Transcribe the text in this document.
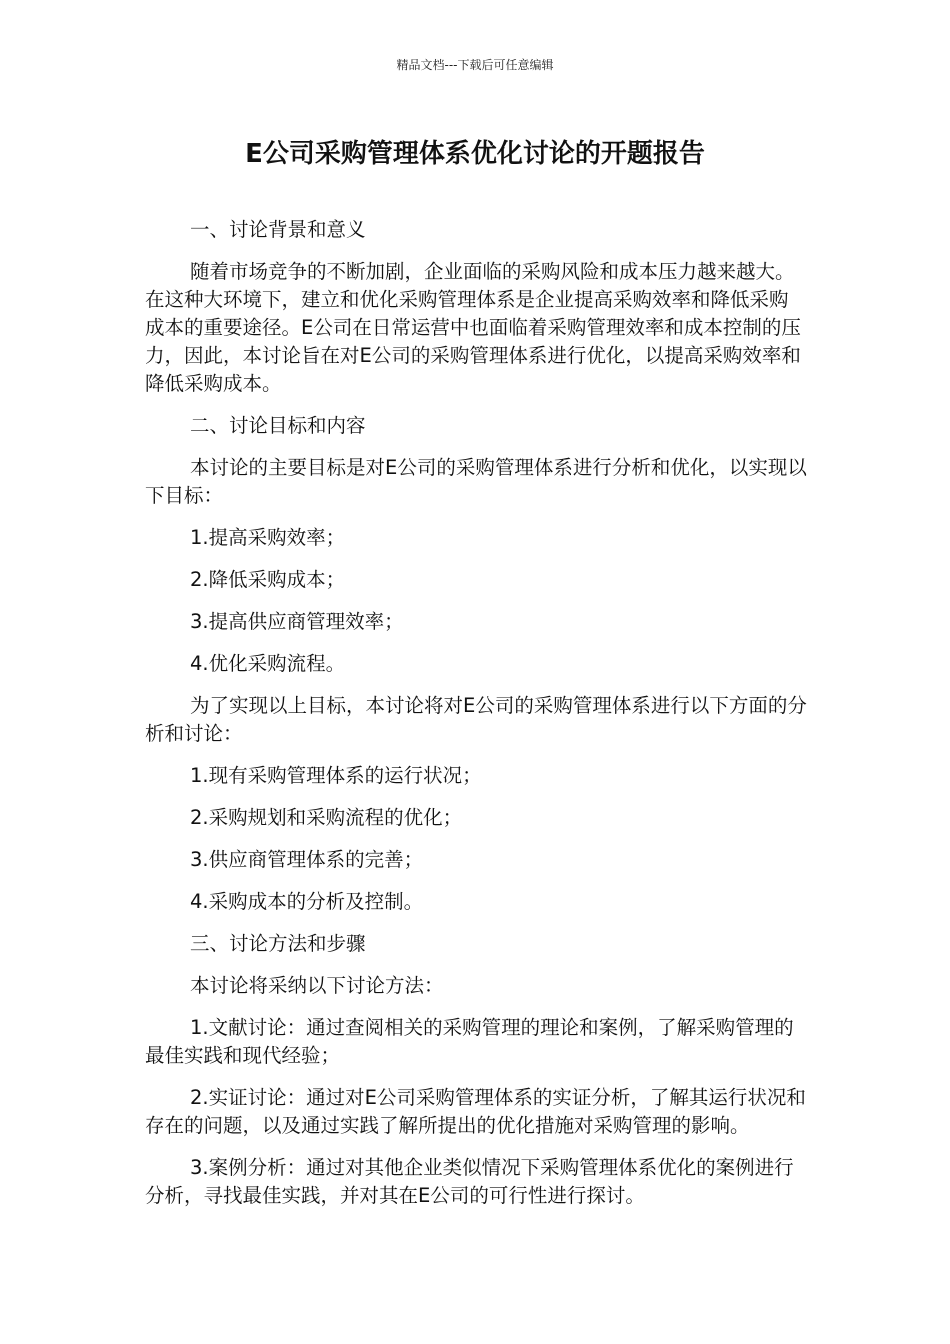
精品文档---下载后可任意编辑
E公司采购管理体系优化讨论的开题报告

一、讨论背景和意义

随着市场竞争的不断加剧，企业面临的采购风险和成本压力越来越大。在这种大环境下，建立和优化采购管理体系是企业提高采购效率和降低采购成本的重要途径。E公司在日常运营中也面临着采购管理效率和成本控制的压力，因此，本讨论旨在对E公司的采购管理体系进行优化，以提高采购效率和降低采购成本。

二、讨论目标和内容

本讨论的主要目标是对E公司的采购管理体系进行分析和优化，以实现以下目标：

1.提高采购效率；

2.降低采购成本；

3.提高供应商管理效率；

4.优化采购流程。

为了实现以上目标，本讨论将对E公司的采购管理体系进行以下方面的分析和讨论：

1.现有采购管理体系的运行状况；

2.采购规划和采购流程的优化；

3.供应商管理体系的完善；

4.采购成本的分析及控制。

三、讨论方法和步骤

本讨论将采纳以下讨论方法：

1.文献讨论：通过查阅相关的采购管理的理论和案例，了解采购管理的最佳实践和现代经验；

2.实证讨论：通过对E公司采购管理体系的实证分析，了解其运行状况和存在的问题，以及通过实践了解所提出的优化措施对采购管理的影响。

3.案例分析：通过对其他企业类似情况下采购管理体系优化的案例进行分析，寻找最佳实践，并对其在E公司的可行性进行探讨。
